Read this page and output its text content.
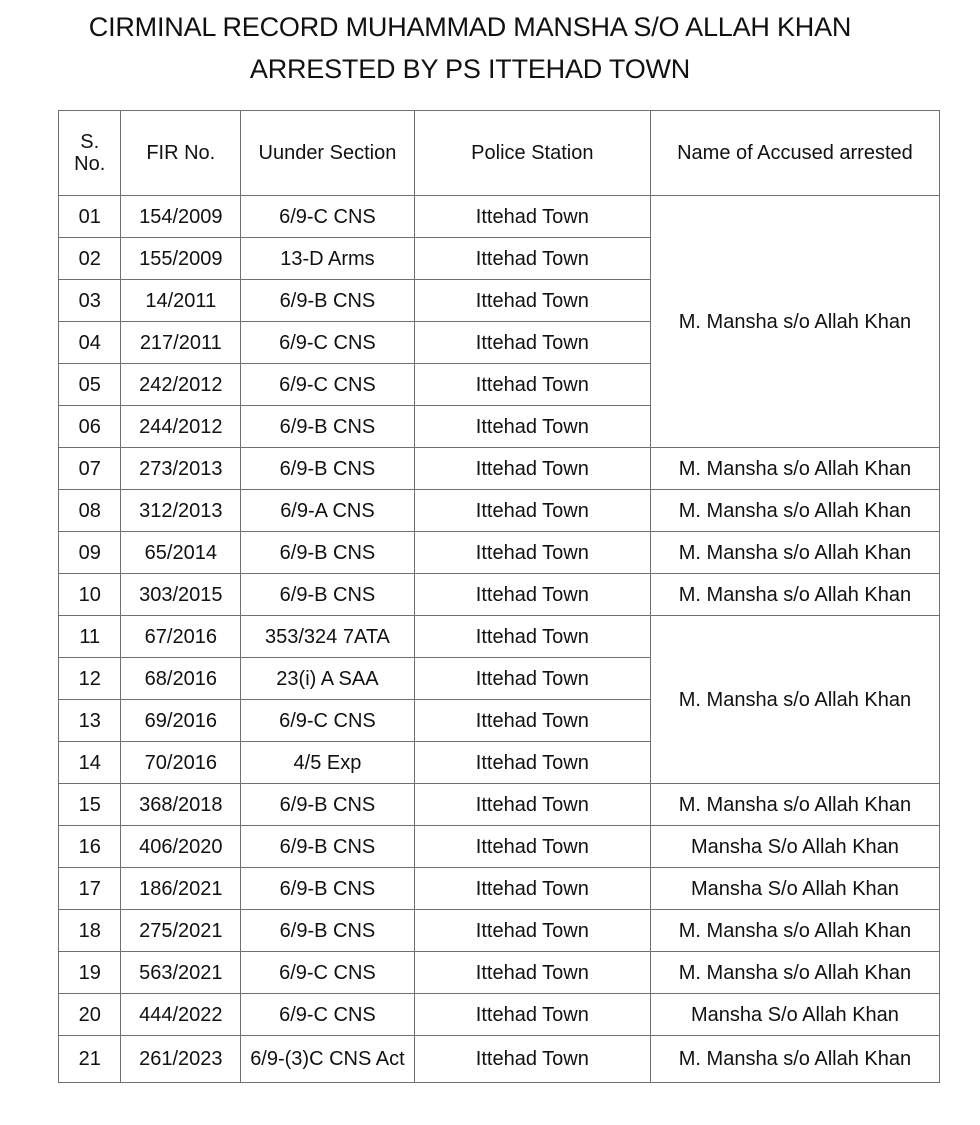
CIRMINAL RECORD MUHAMMAD MANSHA S/O ALLAH KHAN
ARRESTED BY PS ITTEHAD TOWN
S. No.	FIR No.	Uunder Section	Police Station	Name of Accused arrested
01	154/2009	6/9-C CNS	Ittehad Town	M. Mansha s/o Allah Khan
02	155/2009	13-D Arms	Ittehad Town	
03	14/2011	6/9-B CNS	Ittehad Town	
04	217/2011	6/9-C CNS	Ittehad Town	
05	242/2012	6/9-C CNS	Ittehad Town	
06	244/2012	6/9-B CNS	Ittehad Town	
07	273/2013	6/9-B CNS	Ittehad Town	M. Mansha s/o Allah Khan
08	312/2013	6/9-A CNS	Ittehad Town	M. Mansha s/o Allah Khan
09	65/2014	6/9-B CNS	Ittehad Town	M. Mansha s/o Allah Khan
10	303/2015	6/9-B CNS	Ittehad Town	M. Mansha s/o Allah Khan
11	67/2016	353/324 7ATA	Ittehad Town	M. Mansha s/o Allah Khan
12	68/2016	23(i) A SAA	Ittehad Town	
13	69/2016	6/9-C CNS	Ittehad Town	
14	70/2016	4/5 Exp	Ittehad Town	
15	368/2018	6/9-B CNS	Ittehad Town	M. Mansha s/o Allah Khan
16	406/2020	6/9-B CNS	Ittehad Town	Mansha S/o Allah Khan
17	186/2021	6/9-B CNS	Ittehad Town	Mansha S/o Allah Khan
18	275/2021	6/9-B CNS	Ittehad Town	M. Mansha s/o Allah Khan
19	563/2021	6/9-C CNS	Ittehad Town	M. Mansha s/o Allah Khan
20	444/2022	6/9-C CNS	Ittehad Town	Mansha S/o Allah Khan
21	261/2023	6/9-(3)C CNS Act	Ittehad Town	M. Mansha s/o Allah Khan
